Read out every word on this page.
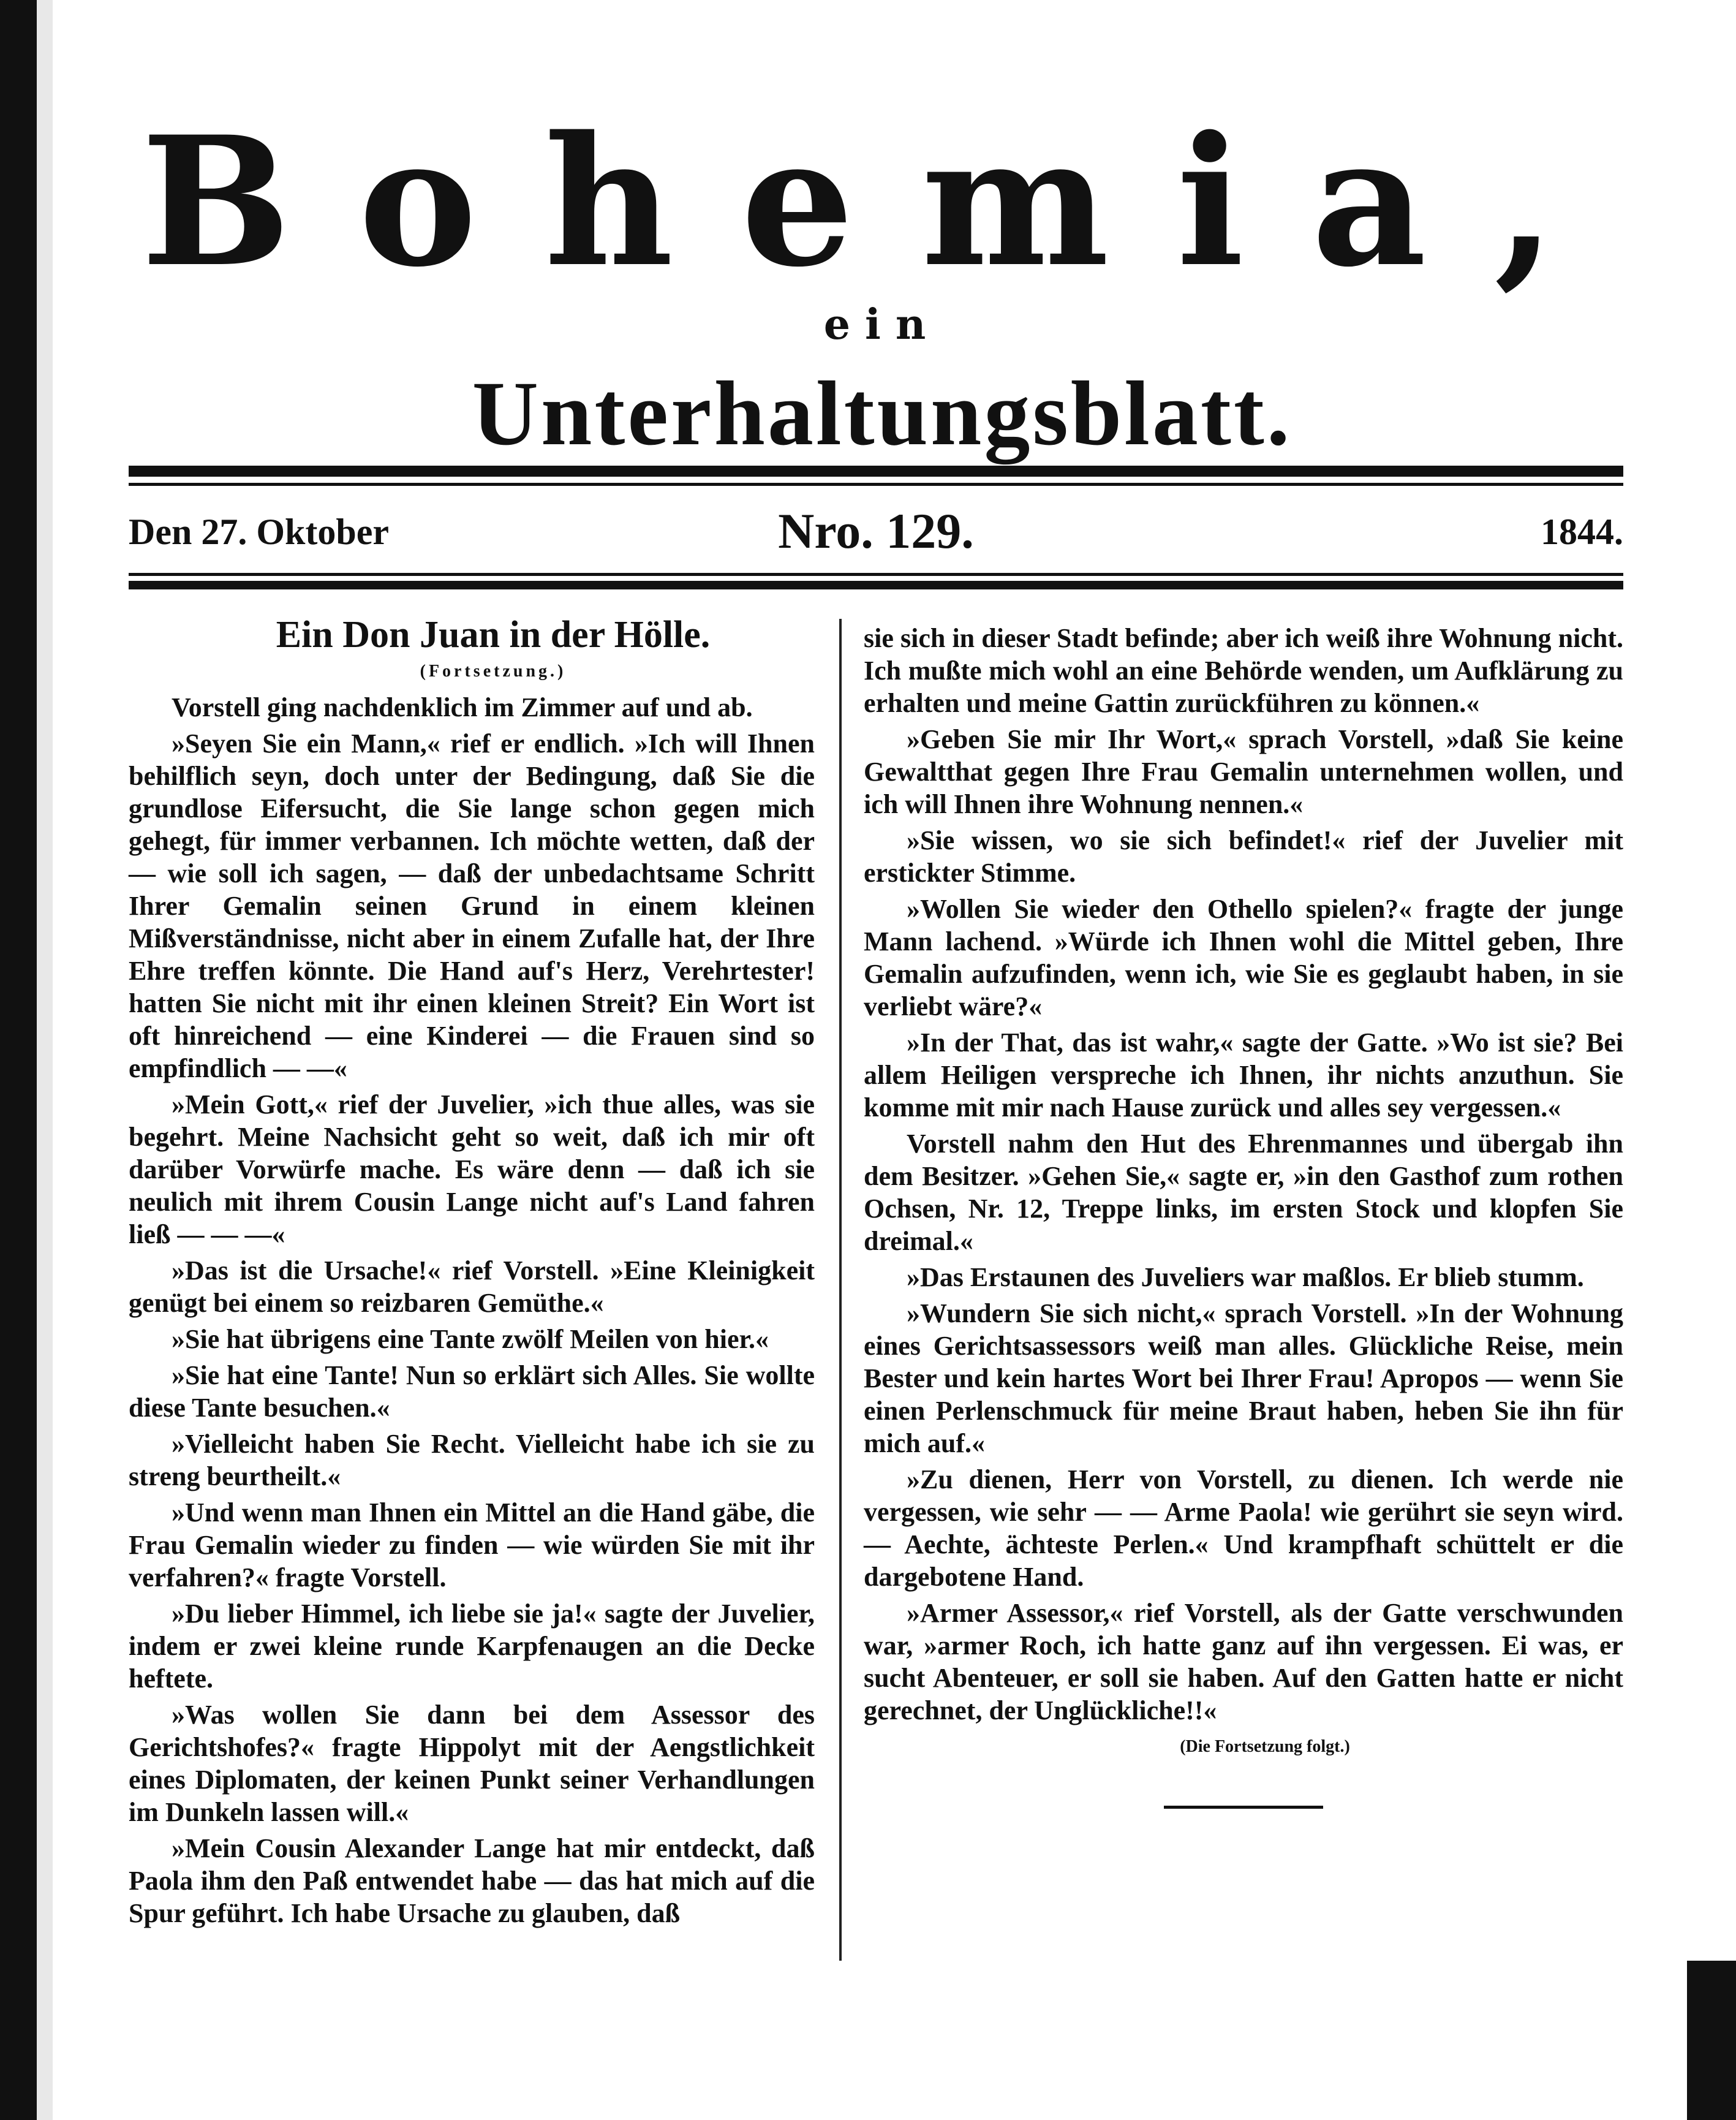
Bohemia,
ein
Unterhaltungsblatt.
Den 27. Oktober	Nro. 129.	1844.

Ein Don Juan in der Hölle.

(Fortsetzung.)

Vorstell ging nachdenklich im Zimmer auf und ab.

»Seyen Sie ein Mann,« rief er endlich. »Ich will Ihnen behilflich seyn, doch unter der Bedingung, daß Sie die grundlose Eifersucht, die Sie lange schon gegen mich gehegt, für immer verbannen. Ich möchte wetten, daß der — wie soll ich sagen, — daß der unbedachtsame Schritt Ihrer Gemalin seinen Grund in einem kleinen Mißverständnisse, nicht aber in einem Zufalle hat, der Ihre Ehre treffen könnte. Die Hand auf's Herz, Verehrtester! hatten Sie nicht mit ihr einen kleinen Streit? Ein Wort ist oft hinreichend — eine Kinderei — die Frauen sind so empfindlich — —«

»Mein Gott,« rief der Juvelier, »ich thue alles, was sie begehrt. Meine Nachsicht geht so weit, daß ich mir oft darüber Vorwürfe mache. Es wäre denn — daß ich sie neulich mit ihrem Cousin Lange nicht auf's Land fahren ließ — — —«

»Das ist die Ursache!« rief Vorstell. »Eine Kleinigkeit genügt bei einem so reizbaren Gemüthe.«

»Sie hat übrigens eine Tante zwölf Meilen von hier.«

»Sie hat eine Tante! Nun so erklärt sich Alles. Sie wollte diese Tante besuchen.«

»Vielleicht haben Sie Recht. Vielleicht habe ich sie zu streng beurtheilt.«

»Und wenn man Ihnen ein Mittel an die Hand gäbe, die Frau Gemalin wieder zu finden — wie würden Sie mit ihr verfahren?« fragte Vorstell.

»Du lieber Himmel, ich liebe sie ja!« sagte der Juvelier, indem er zwei kleine runde Karpfenaugen an die Decke heftete.

»Was wollen Sie dann bei dem Assessor des Gerichtshofes?« fragte Hippolyt mit der Aengstlichkeit eines Diplomaten, der keinen Punkt seiner Verhandlungen im Dunkeln lassen will.«

»Mein Cousin Alexander Lange hat mir entdeckt, daß Paola ihm den Paß entwendet habe — das hat mich auf die Spur geführt. Ich habe Ursache zu glauben, daß

sie sich in dieser Stadt befinde; aber ich weiß ihre Wohnung nicht. Ich mußte mich wohl an eine Behörde wenden, um Aufklärung zu erhalten und meine Gattin zurückführen zu können.«

»Geben Sie mir Ihr Wort,« sprach Vorstell, »daß Sie keine Gewaltthat gegen Ihre Frau Gemalin unternehmen wollen, und ich will Ihnen ihre Wohnung nennen.«

»Sie wissen, wo sie sich befindet!« rief der Juvelier mit erstickter Stimme.

»Wollen Sie wieder den Othello spielen?« fragte der junge Mann lachend. »Würde ich Ihnen wohl die Mittel geben, Ihre Gemalin aufzufinden, wenn ich, wie Sie es geglaubt haben, in sie verliebt wäre?«

»In der That, das ist wahr,« sagte der Gatte. »Wo ist sie? Bei allem Heiligen verspreche ich Ihnen, ihr nichts anzuthun. Sie komme mit mir nach Hause zurück und alles sey vergessen.«

Vorstell nahm den Hut des Ehrenmannes und übergab ihn dem Besitzer. »Gehen Sie,« sagte er, »in den Gasthof zum rothen Ochsen, Nr. 12, Treppe links, im ersten Stock und klopfen Sie dreimal.«

»Das Erstaunen des Juveliers war maßlos. Er blieb stumm.

»Wundern Sie sich nicht,« sprach Vorstell. »In der Wohnung eines Gerichtsassessors weiß man alles. Glückliche Reise, mein Bester und kein hartes Wort bei Ihrer Frau! Apropos — wenn Sie einen Perlenschmuck für meine Braut haben, heben Sie ihn für mich auf.«

»Zu dienen, Herr von Vorstell, zu dienen. Ich werde nie vergessen, wie sehr — — Arme Paola! wie gerührt sie seyn wird. — Aechte, ächteste Perlen.« Und krampfhaft schüttelt er die dargebotene Hand.

»Armer Assessor,« rief Vorstell, als der Gatte verschwunden war, »armer Roch, ich hatte ganz auf ihn vergessen. Ei was, er sucht Abenteuer, er soll sie haben. Auf den Gatten hatte er nicht gerechnet, der Unglückliche!!«

(Die Fortsetzung folgt.)
